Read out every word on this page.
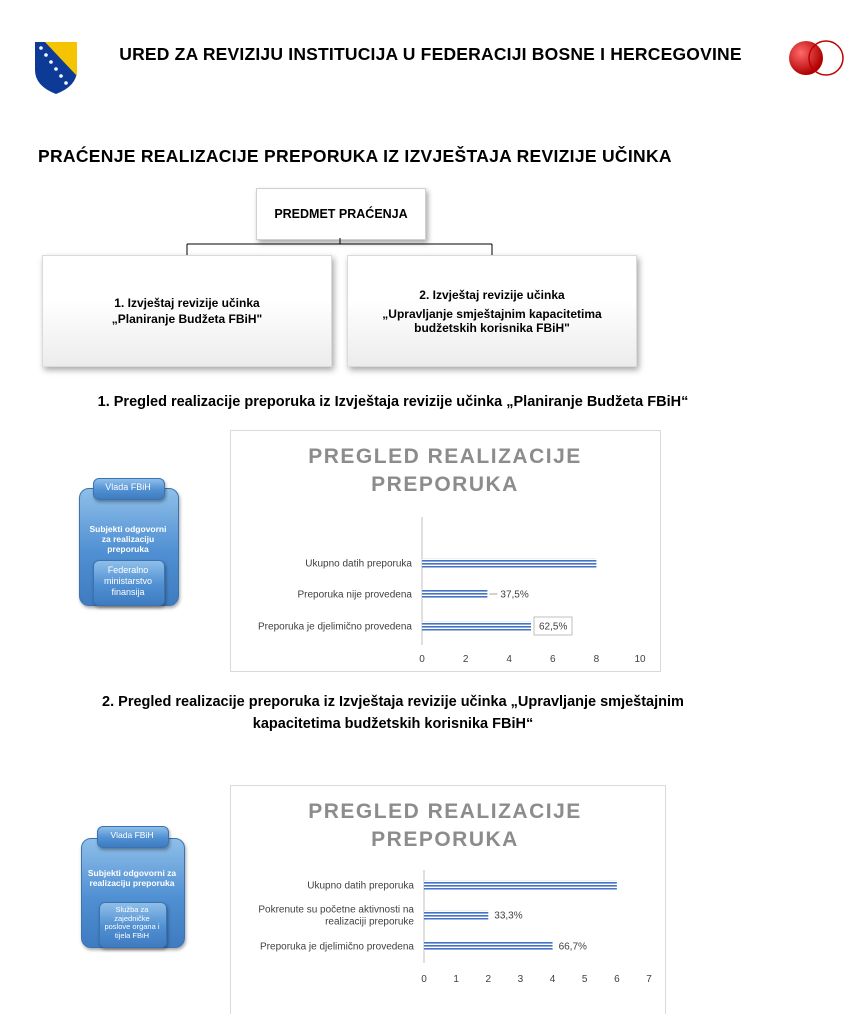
URED ZA REVIZIJU INSTITUCIJA U FEDERACIJI BOSNE I HERCEGOVINE
PRAĆENJE REALIZACIJE PREPORUKA IZ IZVJEŠTAJA REVIZIJE UČINKA
PREDMET PRAĆENJA
1. Izvještaj revizije učinka
„Planiranje Budžeta FBiH"
2. Izvještaj revizije učinka
„Upravljanje smještajnim kapacitetima budžetskih korisnika FBiH"
1. Pregled realizacije preporuka iz Izvještaja revizije učinka „Planiranje Budžeta FBiH“
Vlada FBiH
Subjekti odgovorni za realizaciju preporuka
Federalno ministarstvo finansija
PREGLED REALIZACIJE
PREPORUKA
0	2	4	6	8	10
Ukupno datih preporuka
Preporuka nije provedena	37,5%
Preporuka je djelimično provedena	62,5%
2. Pregled realizacije preporuka iz Izvještaja revizije učinka „Upravljanje smještajnim
kapacitetima budžetskih korisnika FBiH“
Vlada FBiH
Subjekti odgovorni za realizaciju preporuka
Služba za zajedničke poslove organa i tijela FBiH
PREGLED REALIZACIJE
PREPORUKA
0	1	2	3	4	5	6	7
Ukupno datih preporuka
Pokrenute su početne aktivnosti na
realizaciji preporuke
33,3%
Preporuka je djelimično provedena	66,7%
